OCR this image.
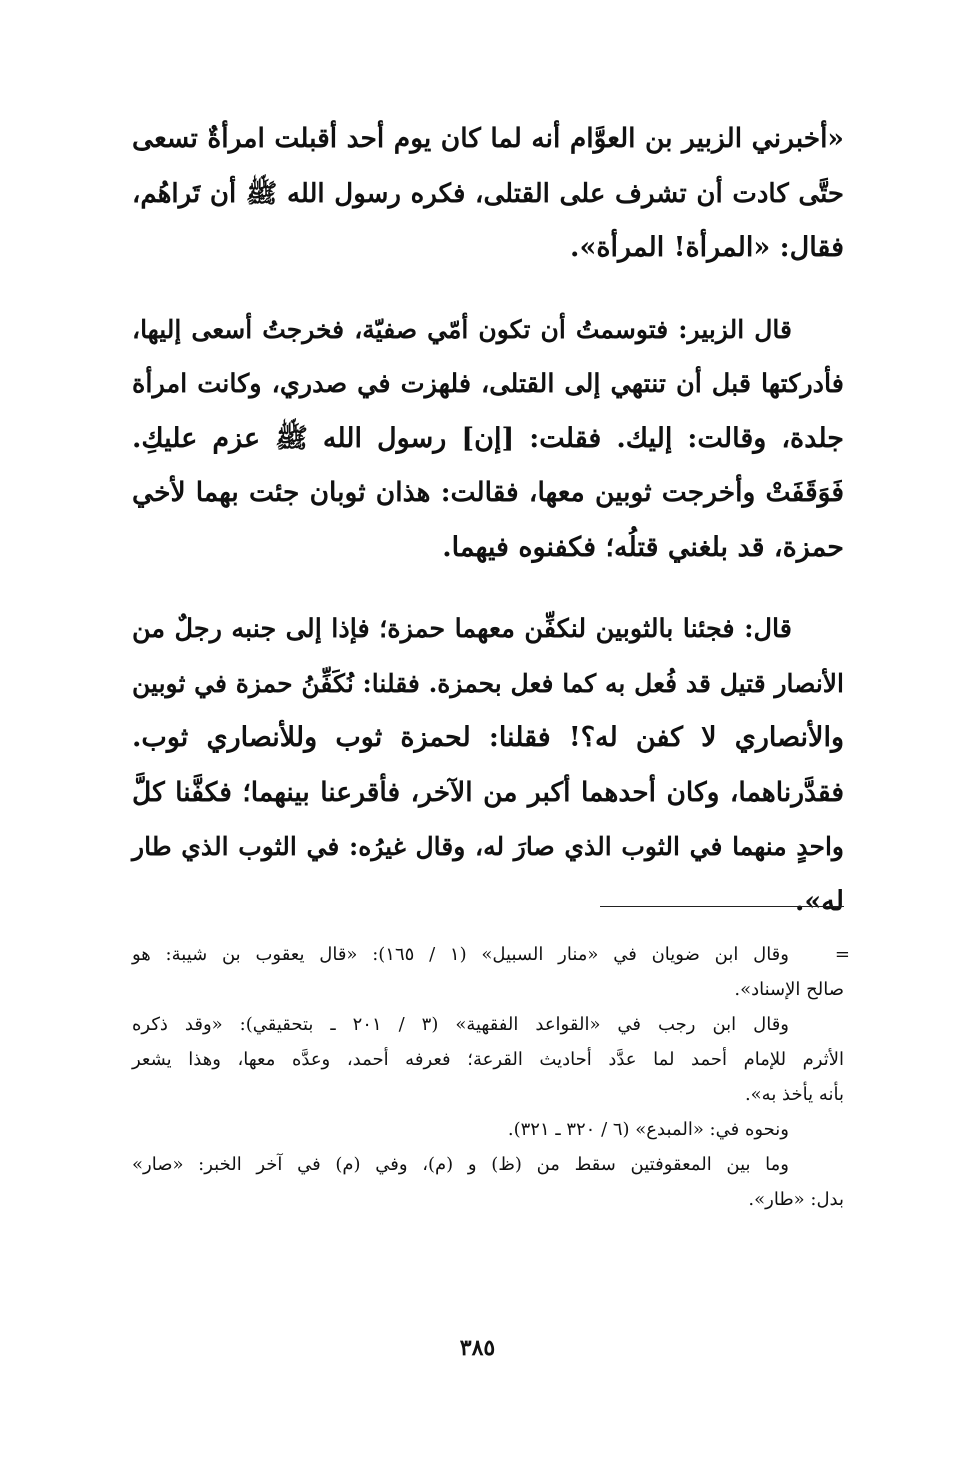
«أخبرني الزبير بن العوَّام أنه لما كان يوم أحد أقبلت امرأةٌ تسعى
حتَّى كادت أن تشرف على القتلى، فكره رسول الله ﷺ أن تَراهُم،
فقال: «المرأة! المرأة».

قال الزبير: فتوسمتُ أن تكون أمّي صفيّة، فخرجتُ أسعى إليها،
فأدركتها قبل أن تنتهي إلى القتلى، فلهزت في صدري، وكانت امرأة
جلدة، وقالت: إليك. فقلت: [إن] رسول الله ﷺ عزم عليكِ.
فَوَقَفَتْ وأخرجت ثوبين معها، فقالت: هذان ثوبان جئت بهما لأخي
حمزة، قد بلغني قتلُه؛ فكفنوه فيهما.

قال: فجئنا بالثوبين لنكفِّن معهما حمزة؛ فإذا إلى جنبه رجلٌ من
الأنصار قتيل قد فُعل به كما فعل بحمزة. فقلنا: نُكَفِّنُ حمزة في ثوبين
والأنصاري لا كفن له؟! فقلنا: لحمزة ثوب وللأنصاري ثوب.
فقدَّرناهما، وكان أحدهما أكبر من الآخر، فأقرعنا بينهما؛ فكفَّنا كلَّ
واحدٍ منهما في الثوب الذي صارَ له، وقال غيرُه: في الثوب الذي طار
له».

=

وقال ابن ضويان في «منار السبيل» (١ / ١٦٥): «قال يعقوب بن شيبة: هو
صالح الإسناد».

وقال ابن رجب في «القواعد الفقهية» (٣ / ٢٠١ ـ بتحقيقي): «وقد ذكره
الأثرم للإمام أحمد لما عدَّد أحاديث القرعة؛ فعرفه أحمد، وعدَّه معها، وهذا يشعر
بأنه يأخذ به».

ونحوه في: «المبدع» (٦ / ٣٢٠ ـ ٣٢١).

وما بين المعقوفتين سقط من (ظ) و (م)، وفي (م) في آخر الخبر: «صار»
بدل: «طار».

٣٨٥
